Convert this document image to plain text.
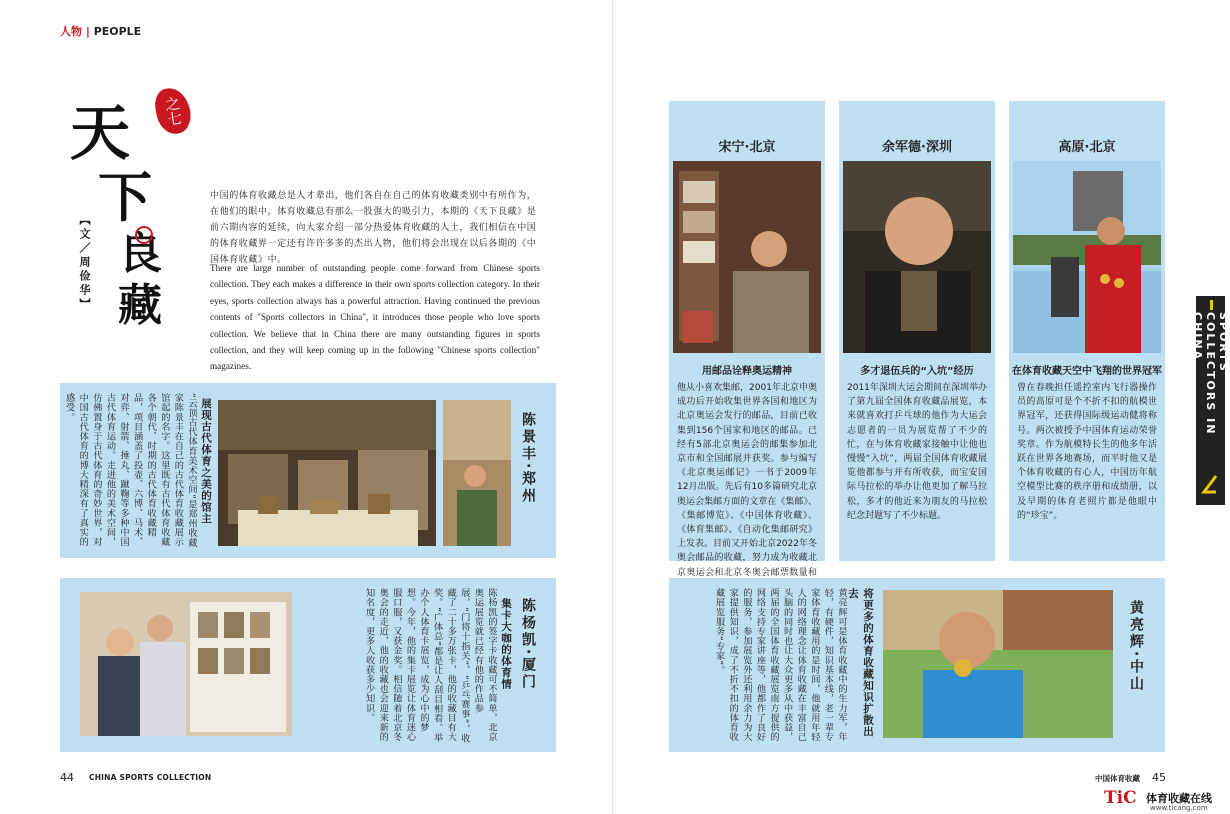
人物 | PEOPLE
天
下
良
藏
之七
【文／周俭华】
中国的体育收藏总是人才辈出，他们各自在自己的体育收藏类别中有所作为，在他们的眼中，体育收藏总有那么一股强大的吸引力，本期的《天下良藏》是前六期内容的延续，向大家介绍一部分热爱体育收藏的人士，我们相信在中国的体育收藏界一定还有许许多多的杰出人物，他们将会出现在以后各期的《中国体育收藏》中。
There are large number of outstanding people come forward from Chinese sports collection. They each makes a difference in their own sports collection category. In their eyes, sports collection always has a powerful attraction. Having continued the previous contents of "Sports collectors in China", it introduces those people who love sports collection. We believe that in China there are many outstanding figures in sports collection, and they will keep coming up in the following "Chinese sports collection" magazines.
“云顶古代体育美术空间”是郑州收藏家陈景丰在自己的古代体育收藏展示馆起的名字。这里既有古代体育收藏各个朝代、时期的古代体育收藏精品，项目涵盖了投壶、六博、马术、对弈、射箭、捶丸、蹴鞠等多种中国古代体育运动。走进他的美术空间，仿佛置身于古代体育的奇妙世界，对中国古代体育的博大精深有了真实的感受。	展现古代体育之美的馆主	陈景丰·郑州
陈杨凯的签字卡收藏可不简单，北京奥运展览就已经有他的作品参展，“门将十指关”、“乒乓赛事”，收藏了二十多万张卡，他的收藏目有大奖。“广体总”都是让人刮目相看。举办个人体育卡展览，成为心中的梦想。今年，他的集卡展览让体育迷心服口服，又获金奖。相信随着北京冬奥会的走近，他的收藏也会迎来新的知名度，更多人收获多少知识。	集卡大咖的体育情 陈杨凯·厦门
宋宁·北京
用邮品诠释奥运精神
他从小喜欢集邮，2001年北京申奥成功后开始收集世界各国和地区为北京奥运会发行的邮品，目前已收集到156个国家和地区的邮品。已经有5部北京奥运会的邮集参加北京市和全国邮展并获奖。参与编写《北京奥运邮记》一书于2009年12月出版。先后有10多篇研究北京奥运会集邮方面的文章在《集邮》、《集邮博览》、《中国体育收藏》、《体育集邮》、《自动化集邮研究》上发表。目前又开始北京2022年冬奥会邮品的收藏，努力成为收藏北京奥运会和北京冬奥会邮票数量和
余军德·深圳
多才退伍兵的“入坑”经历
2011年深圳大运会期间在深圳举办了第九届全国体育收藏品展览，本来就喜欢打乒乓球的他作为大运会志愿者的一员为展览帮了不少的忙，在与体育收藏家接触中让他也慢慢“入坑”，两届全国体育收藏展览他都参与并有所收获，而宝安国际马拉松的举办让他更加了解马拉松，多才的他近来为朋友的马拉松纪念封题写了不少标题。
高原·北京
在体育收藏天空中飞翔的世界冠军
曾在春晚担任遥控室内飞行器操作员的高原可是个不折不扣的航模世界冠军，还获得国际级运动健将称号。两次被授予中国体育运动荣誉奖章。作为航模特长生的他多年活跃在世界各地赛场，而平时他又是个体育收藏的有心人，中国历年航空模型比赛的秩序册和成绩册，以及早期的体育老照片都是他眼中的“珍宝”。
黄亮辉可是体育收藏中的生力军，年轻，有硬件，知识基本线，老一辈专家体育收藏用的是时间，他就用年轻人的网络理念让体育收藏在丰富自己头脑的同时也让大众更多从中获益，两届的全国体育收藏展览南方提供的网络支持专家讲座等，他都作了良好的服务，参加展览外还利用余力为大家提供知识，成了不折不扣的体育收藏展览服务“专家”。	将更多的体育收藏知识扩散出去
黄亮辉·中山
SPORTS COLLECTORS IN CHINA
44 CHINA SPORTS COLLECTION	中国体育收藏 45
TiC 体育收藏在线
www.ticang.com
